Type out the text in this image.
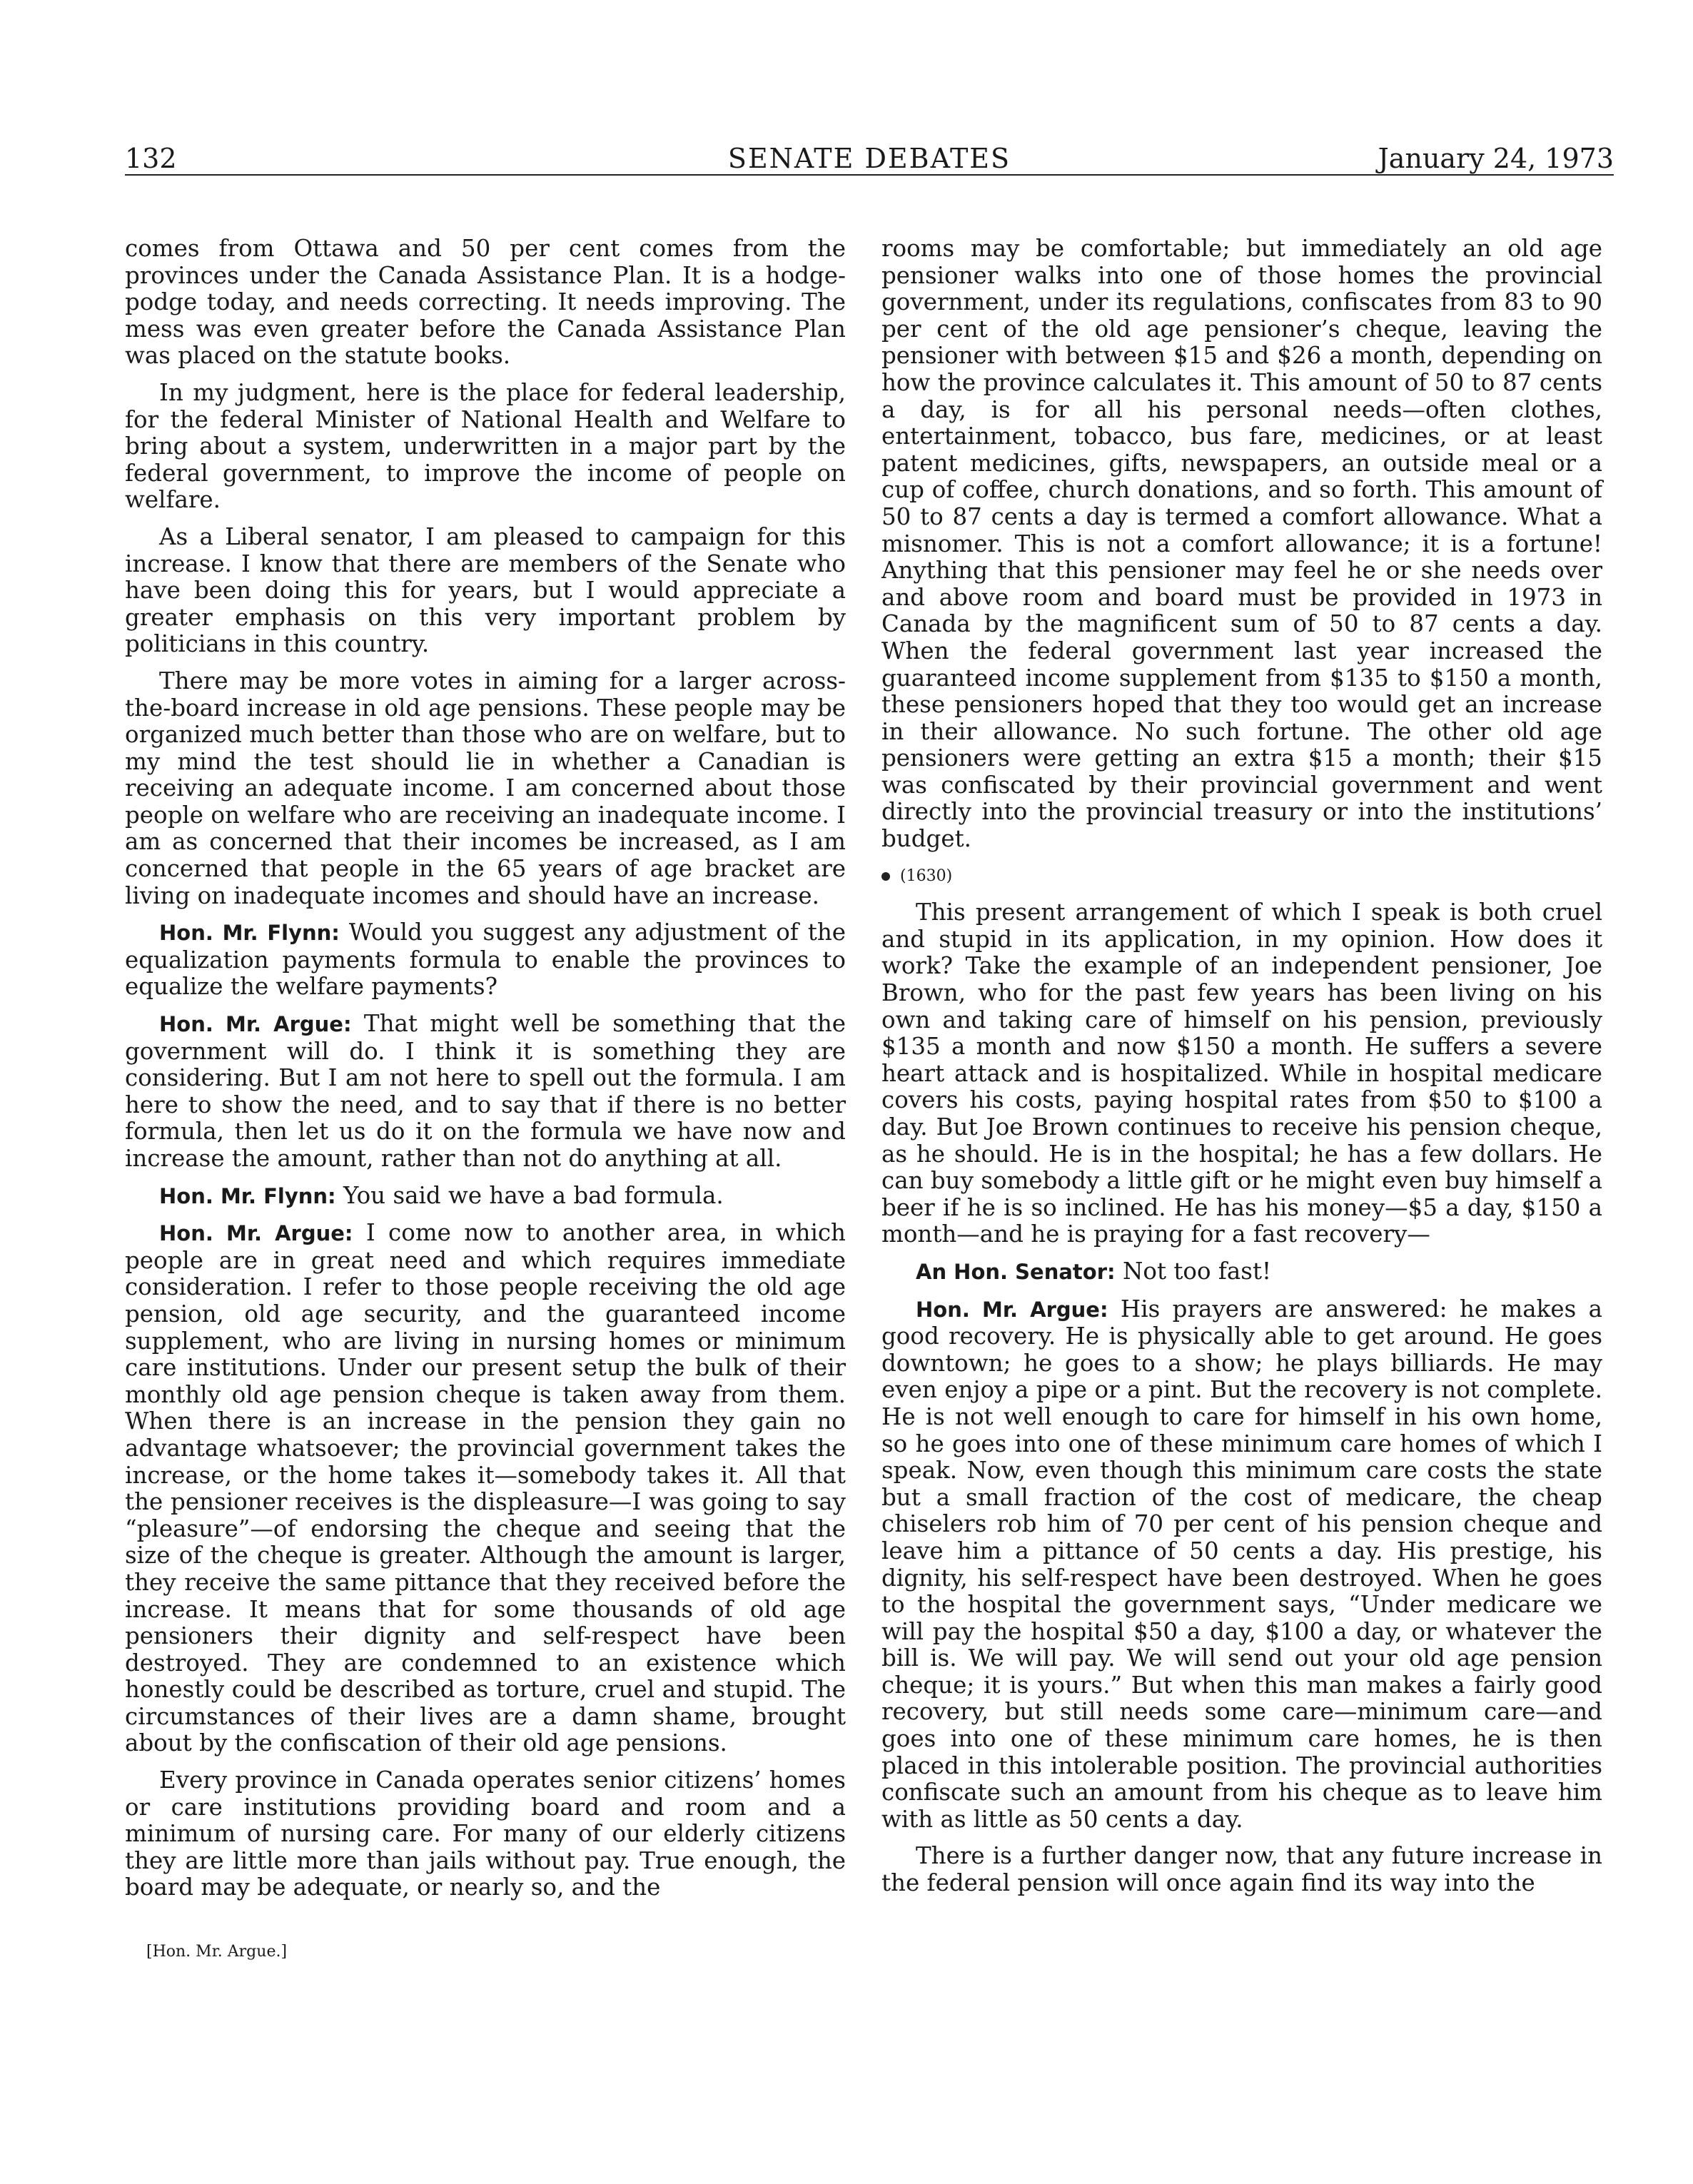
132	SENATE DEBATES	January 24, 1973

comes from Ottawa and 50 per cent comes from the provinces under the Canada Assistance Plan. It is a hodge-podge today, and needs correcting. It needs improving. The mess was even greater before the Canada Assistance Plan was placed on the statute books.

In my judgment, here is the place for federal leadership, for the federal Minister of National Health and Welfare to bring about a system, underwritten in a major part by the federal government, to improve the income of people on welfare.

As a Liberal senator, I am pleased to campaign for this increase. I know that there are members of the Senate who have been doing this for years, but I would appreciate a greater emphasis on this very important problem by politicians in this country.

There may be more votes in aiming for a larger across-the-board increase in old age pensions. These people may be organized much better than those who are on welfare, but to my mind the test should lie in whether a Canadian is receiving an adequate income. I am concerned about those people on welfare who are receiving an inadequate income. I am as concerned that their incomes be increased, as I am concerned that people in the 65 years of age bracket are living on inadequate incomes and should have an increase.

Hon. Mr. Flynn: Would you suggest any adjustment of the equalization payments formula to enable the provinces to equalize the welfare payments?

Hon. Mr. Argue: That might well be something that the government will do. I think it is something they are considering. But I am not here to spell out the formula. I am here to show the need, and to say that if there is no better formula, then let us do it on the formula we have now and increase the amount, rather than not do anything at all.

Hon. Mr. Flynn: You said we have a bad formula.

Hon. Mr. Argue: I come now to another area, in which people are in great need and which requires immediate consideration. I refer to those people receiving the old age pension, old age security, and the guaranteed income supplement, who are living in nursing homes or minimum care institutions. Under our present setup the bulk of their monthly old age pension cheque is taken away from them. When there is an increase in the pension they gain no advantage whatsoever; the provincial government takes the increase, or the home takes it—somebody takes it. All that the pensioner receives is the displeasure—I was going to say “pleasure”—of endorsing the cheque and seeing that the size of the cheque is greater. Although the amount is larger, they receive the same pittance that they received before the increase. It means that for some thousands of old age pensioners their dignity and self-respect have been destroyed. They are condemned to an existence which honestly could be described as torture, cruel and stupid. The circumstances of their lives are a damn shame, brought about by the confiscation of their old age pensions.

Every province in Canada operates senior citizens’ homes or care institutions providing board and room and a minimum of nursing care. For many of our elderly citizens they are little more than jails without pay. True enough, the board may be adequate, or nearly so, and the

[Hon. Mr. Argue.]

rooms may be comfortable; but immediately an old age pensioner walks into one of those homes the provincial government, under its regulations, confiscates from 83 to 90 per cent of the old age pensioner’s cheque, leaving the pensioner with between $15 and $26 a month, depending on how the province calculates it. This amount of 50 to 87 cents a day, is for all his personal needs—often clothes, entertainment, tobacco, bus fare, medicines, or at least patent medicines, gifts, newspapers, an outside meal or a cup of coffee, church donations, and so forth. This amount of 50 to 87 cents a day is termed a comfort allowance. What a misnomer. This is not a comfort allowance; it is a fortune! Anything that this pensioner may feel he or she needs over and above room and board must be provided in 1973 in Canada by the magnificent sum of 50 to 87 cents a day. When the federal government last year increased the guaranteed income supplement from $135 to $150 a month, these pensioners hoped that they too would get an increase in their allowance. No such fortune. The other old age pensioners were getting an extra $15 a month; their $15 was confiscated by their provincial government and went directly into the provincial treasury or into the institutions’ budget.

(1630)

This present arrangement of which I speak is both cruel and stupid in its application, in my opinion. How does it work? Take the example of an independent pensioner, Joe Brown, who for the past few years has been living on his own and taking care of himself on his pension, previously $135 a month and now $150 a month. He suffers a severe heart attack and is hospitalized. While in hospital medicare covers his costs, paying hospital rates from $50 to $100 a day. But Joe Brown continues to receive his pension cheque, as he should. He is in the hospital; he has a few dollars. He can buy somebody a little gift or he might even buy himself a beer if he is so inclined. He has his money—$5 a day, $150 a month—and he is praying for a fast recovery—

An Hon. Senator: Not too fast!

Hon. Mr. Argue: His prayers are answered: he makes a good recovery. He is physically able to get around. He goes downtown; he goes to a show; he plays billiards. He may even enjoy a pipe or a pint. But the recovery is not complete. He is not well enough to care for himself in his own home, so he goes into one of these minimum care homes of which I speak. Now, even though this minimum care costs the state but a small fraction of the cost of medicare, the cheap chiselers rob him of 70 per cent of his pension cheque and leave him a pittance of 50 cents a day. His prestige, his dignity, his self-respect have been destroyed. When he goes to the hospital the government says, “Under medicare we will pay the hospital $50 a day, $100 a day, or whatever the bill is. We will pay. We will send out your old age pension cheque; it is yours.” But when this man makes a fairly good recovery, but still needs some care—minimum care—and goes into one of these minimum care homes, he is then placed in this intolerable position. The provincial authorities confiscate such an amount from his cheque as to leave him with as little as 50 cents a day.

There is a further danger now, that any future increase in the federal pension will once again find its way into the
